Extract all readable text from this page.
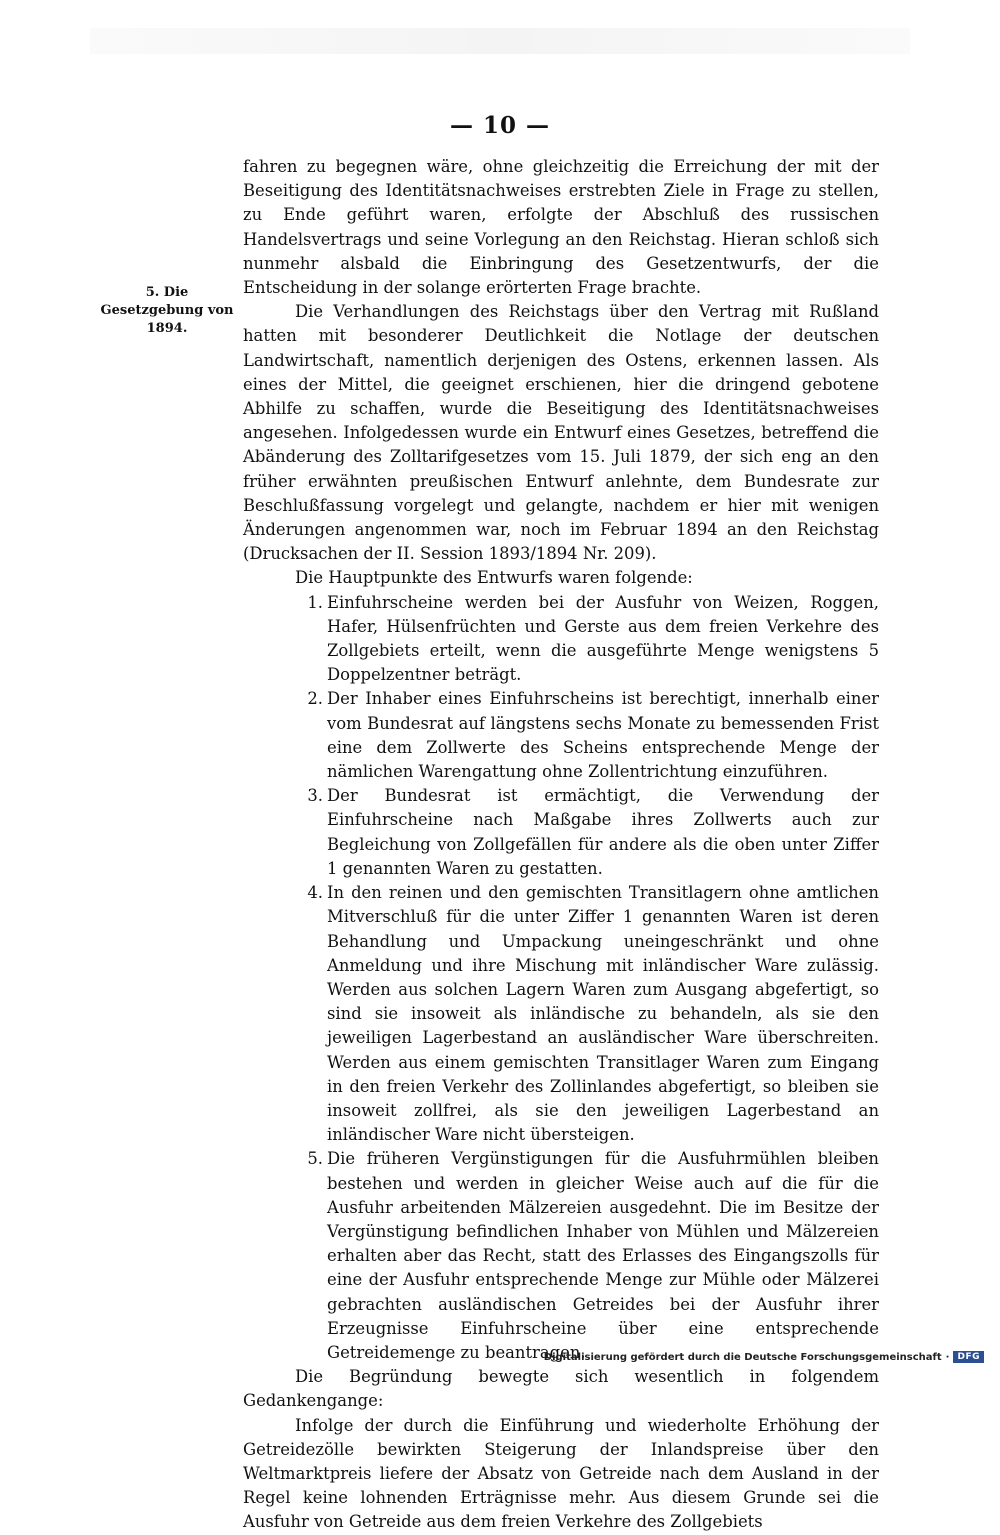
— 10 —
5. Die Gesetzgebung von 1894.

fahren zu begegnen wäre, ohne gleichzeitig die Erreichung der mit der Beseitigung des Identitätsnachweises erstrebten Ziele in Frage zu stellen, zu Ende geführt waren, erfolgte der Abschluß des russischen Handelsvertrags und seine Vorlegung an den Reichstag. Hieran schloß sich nunmehr alsbald die Einbringung des Gesetzentwurfs, der die Entscheidung in der solange erörterten Frage brachte.

Die Verhandlungen des Reichstags über den Vertrag mit Rußland hatten mit besonderer Deutlichkeit die Notlage der deutschen Landwirtschaft, namentlich derjenigen des Ostens, erkennen lassen. Als eines der Mittel, die geeignet erschienen, hier die dringend gebotene Abhilfe zu schaffen, wurde die Beseitigung des Identitätsnachweises angesehen. Infolgedessen wurde ein Entwurf eines Gesetzes, betreffend die Abänderung des Zolltarifgesetzes vom 15. Juli 1879, der sich eng an den früher erwähnten preußischen Entwurf anlehnte, dem Bundesrate zur Beschlußfassung vorgelegt und gelangte, nachdem er hier mit wenigen Änderungen angenommen war, noch im Februar 1894 an den Reichstag (Drucksachen der II. Session 1893/1894 Nr. 209).

Die Hauptpunkte des Entwurfs waren folgende:

1. Einfuhrscheine werden bei der Ausfuhr von Weizen, Roggen, Hafer, Hülsenfrüchten und Gerste aus dem freien Verkehre des Zollgebiets erteilt, wenn die ausgeführte Menge wenigstens 5 Doppelzentner beträgt.
2. Der Inhaber eines Einfuhrscheins ist berechtigt, innerhalb einer vom Bundesrat auf längstens sechs Monate zu bemessenden Frist eine dem Zollwerte des Scheins entsprechende Menge der nämlichen Warengattung ohne Zollentrichtung einzuführen.
3. Der Bundesrat ist ermächtigt, die Verwendung der Einfuhrscheine nach Maßgabe ihres Zollwerts auch zur Begleichung von Zollgefällen für andere als die oben unter Ziffer 1 genannten Waren zu gestatten.
4. In den reinen und den gemischten Transitlagern ohne amtlichen Mitverschluß für die unter Ziffer 1 genannten Waren ist deren Behandlung und Umpackung uneingeschränkt und ohne Anmeldung und ihre Mischung mit inländischer Ware zulässig. Werden aus solchen Lagern Waren zum Ausgang abgefertigt, so sind sie insoweit als inländische zu behandeln, als sie den jeweiligen Lagerbestand an ausländischer Ware überschreiten. Werden aus einem gemischten Transitlager Waren zum Eingang in den freien Verkehr des Zollinlandes abgefertigt, so bleiben sie insoweit zollfrei, als sie den jeweiligen Lagerbestand an inländischer Ware nicht übersteigen.
5. Die früheren Vergünstigungen für die Ausfuhrmühlen bleiben bestehen und werden in gleicher Weise auch auf die für die Ausfuhr arbeitenden Mälzereien ausgedehnt. Die im Besitze der Vergünstigung befindlichen Inhaber von Mühlen und Mälzereien erhalten aber das Recht, statt des Erlasses des Eingangszolls für eine der Ausfuhr entsprechende Menge zur Mühle oder Mälzerei gebrachten ausländischen Getreides bei der Ausfuhr ihrer Erzeugnisse Einfuhrscheine über eine entsprechende Getreidemenge zu beantragen.

Die Begründung bewegte sich wesentlich in folgendem Gedankengange:

Infolge der durch die Einführung und wiederholte Erhöhung der Getreidezölle bewirkten Steigerung der Inlandspreise über den Weltmarktpreis liefere der Absatz von Getreide nach dem Ausland in der Regel keine lohnenden Erträgnisse mehr. Aus diesem Grunde sei die Ausfuhr von Getreide aus dem freien Verkehre des Zollgebiets

Digitalisierung gefördert durch die Deutsche Forschungsgemeinschaft · DFG
